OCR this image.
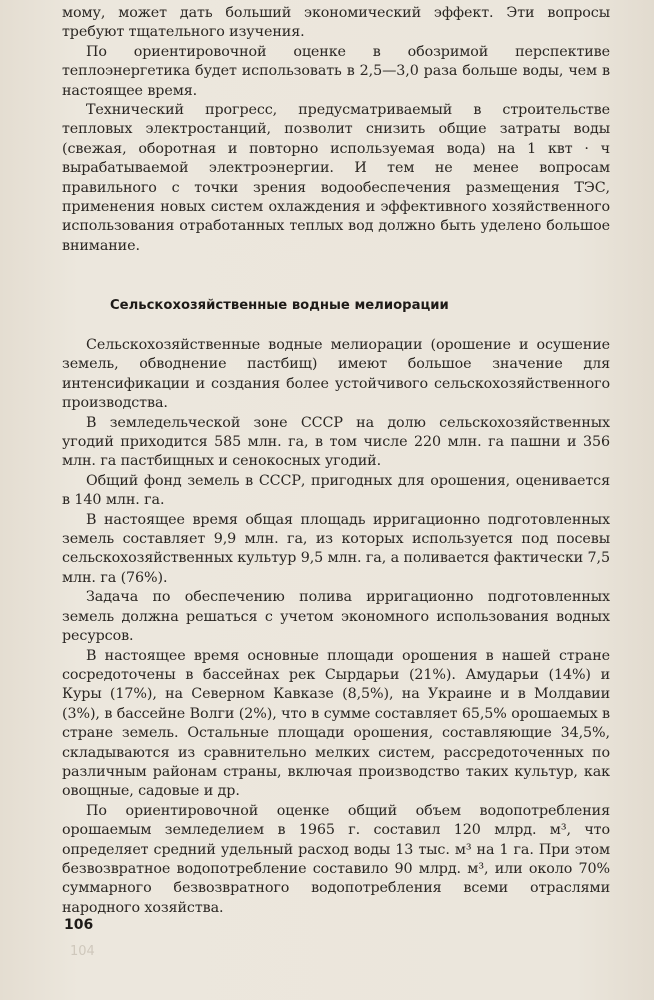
мому, может дать больший экономический эффект. Эти вопросы требуют тщательного изучения.

По ориентировочной оценке в обозримой перспективе теплоэнергетика будет использовать в 2,5—3,0 раза больше воды, чем в настоящее время.

Технический прогресс, предусматриваемый в строительстве тепловых электростанций, позволит снизить общие затраты воды (свежая, оборотная и повторно используемая вода) на 1 квт · ч вырабатываемой электроэнергии. И тем не менее вопросам правильного с точки зрения водообеспечения размещения ТЭС, применения новых систем охлаждения и эффективного хозяйственного использования отработанных теплых вод должно быть уделено большое внимание.

Сельскохозяйственные водные мелиорации

Сельскохозяйственные водные мелиорации (орошение и осушение земель, обводнение пастбищ) имеют большое значение для интенсификации и создания более устойчивого сельскохозяйственного производства.

В земледельческой зоне СССР на долю сельскохозяйственных угодий приходится 585 млн. га, в том числе 220 млн. га пашни и 356 млн. га пастбищных и сенокосных угодий.

Общий фонд земель в СССР, пригодных для орошения, оценивается в 140 млн. га.

В настоящее время общая площадь ирригационно подготовленных земель составляет 9,9 млн. га, из которых используется под посевы сельскохозяйственных культур 9,5 млн. га, а поливается фактически 7,5 млн. га (76%).

Задача по обеспечению полива ирригационно подготовленных земель должна решаться с учетом экономного использования водных ресурсов.

В настоящее время основные площади орошения в нашей стране сосредоточены в бассейнах рек Сырдарьи (21%). Амударьи (14%) и Куры (17%), на Северном Кавказе (8,5%), на Украине и в Молдавии (3%), в бассейне Волги (2%), что в сумме составляет 65,5% орошаемых в стране земель. Остальные площади орошения, составляющие 34,5%, складываются из сравнительно мелких систем, рассредоточенных по различным районам страны, включая производство таких культур, как овощные, садовые и др.

По ориентировочной оценке общий объем водопотребления орошаемым земледелием в 1965 г. составил 120 млрд. м³, что определяет средний удельный расход воды 13 тыс. м³ на 1 га. При этом безвозвратное водопотребление составило 90 млрд. м³, или около 70% суммарного безвозвратного водопотребления всеми отраслями народного хозяйства.

106
104
